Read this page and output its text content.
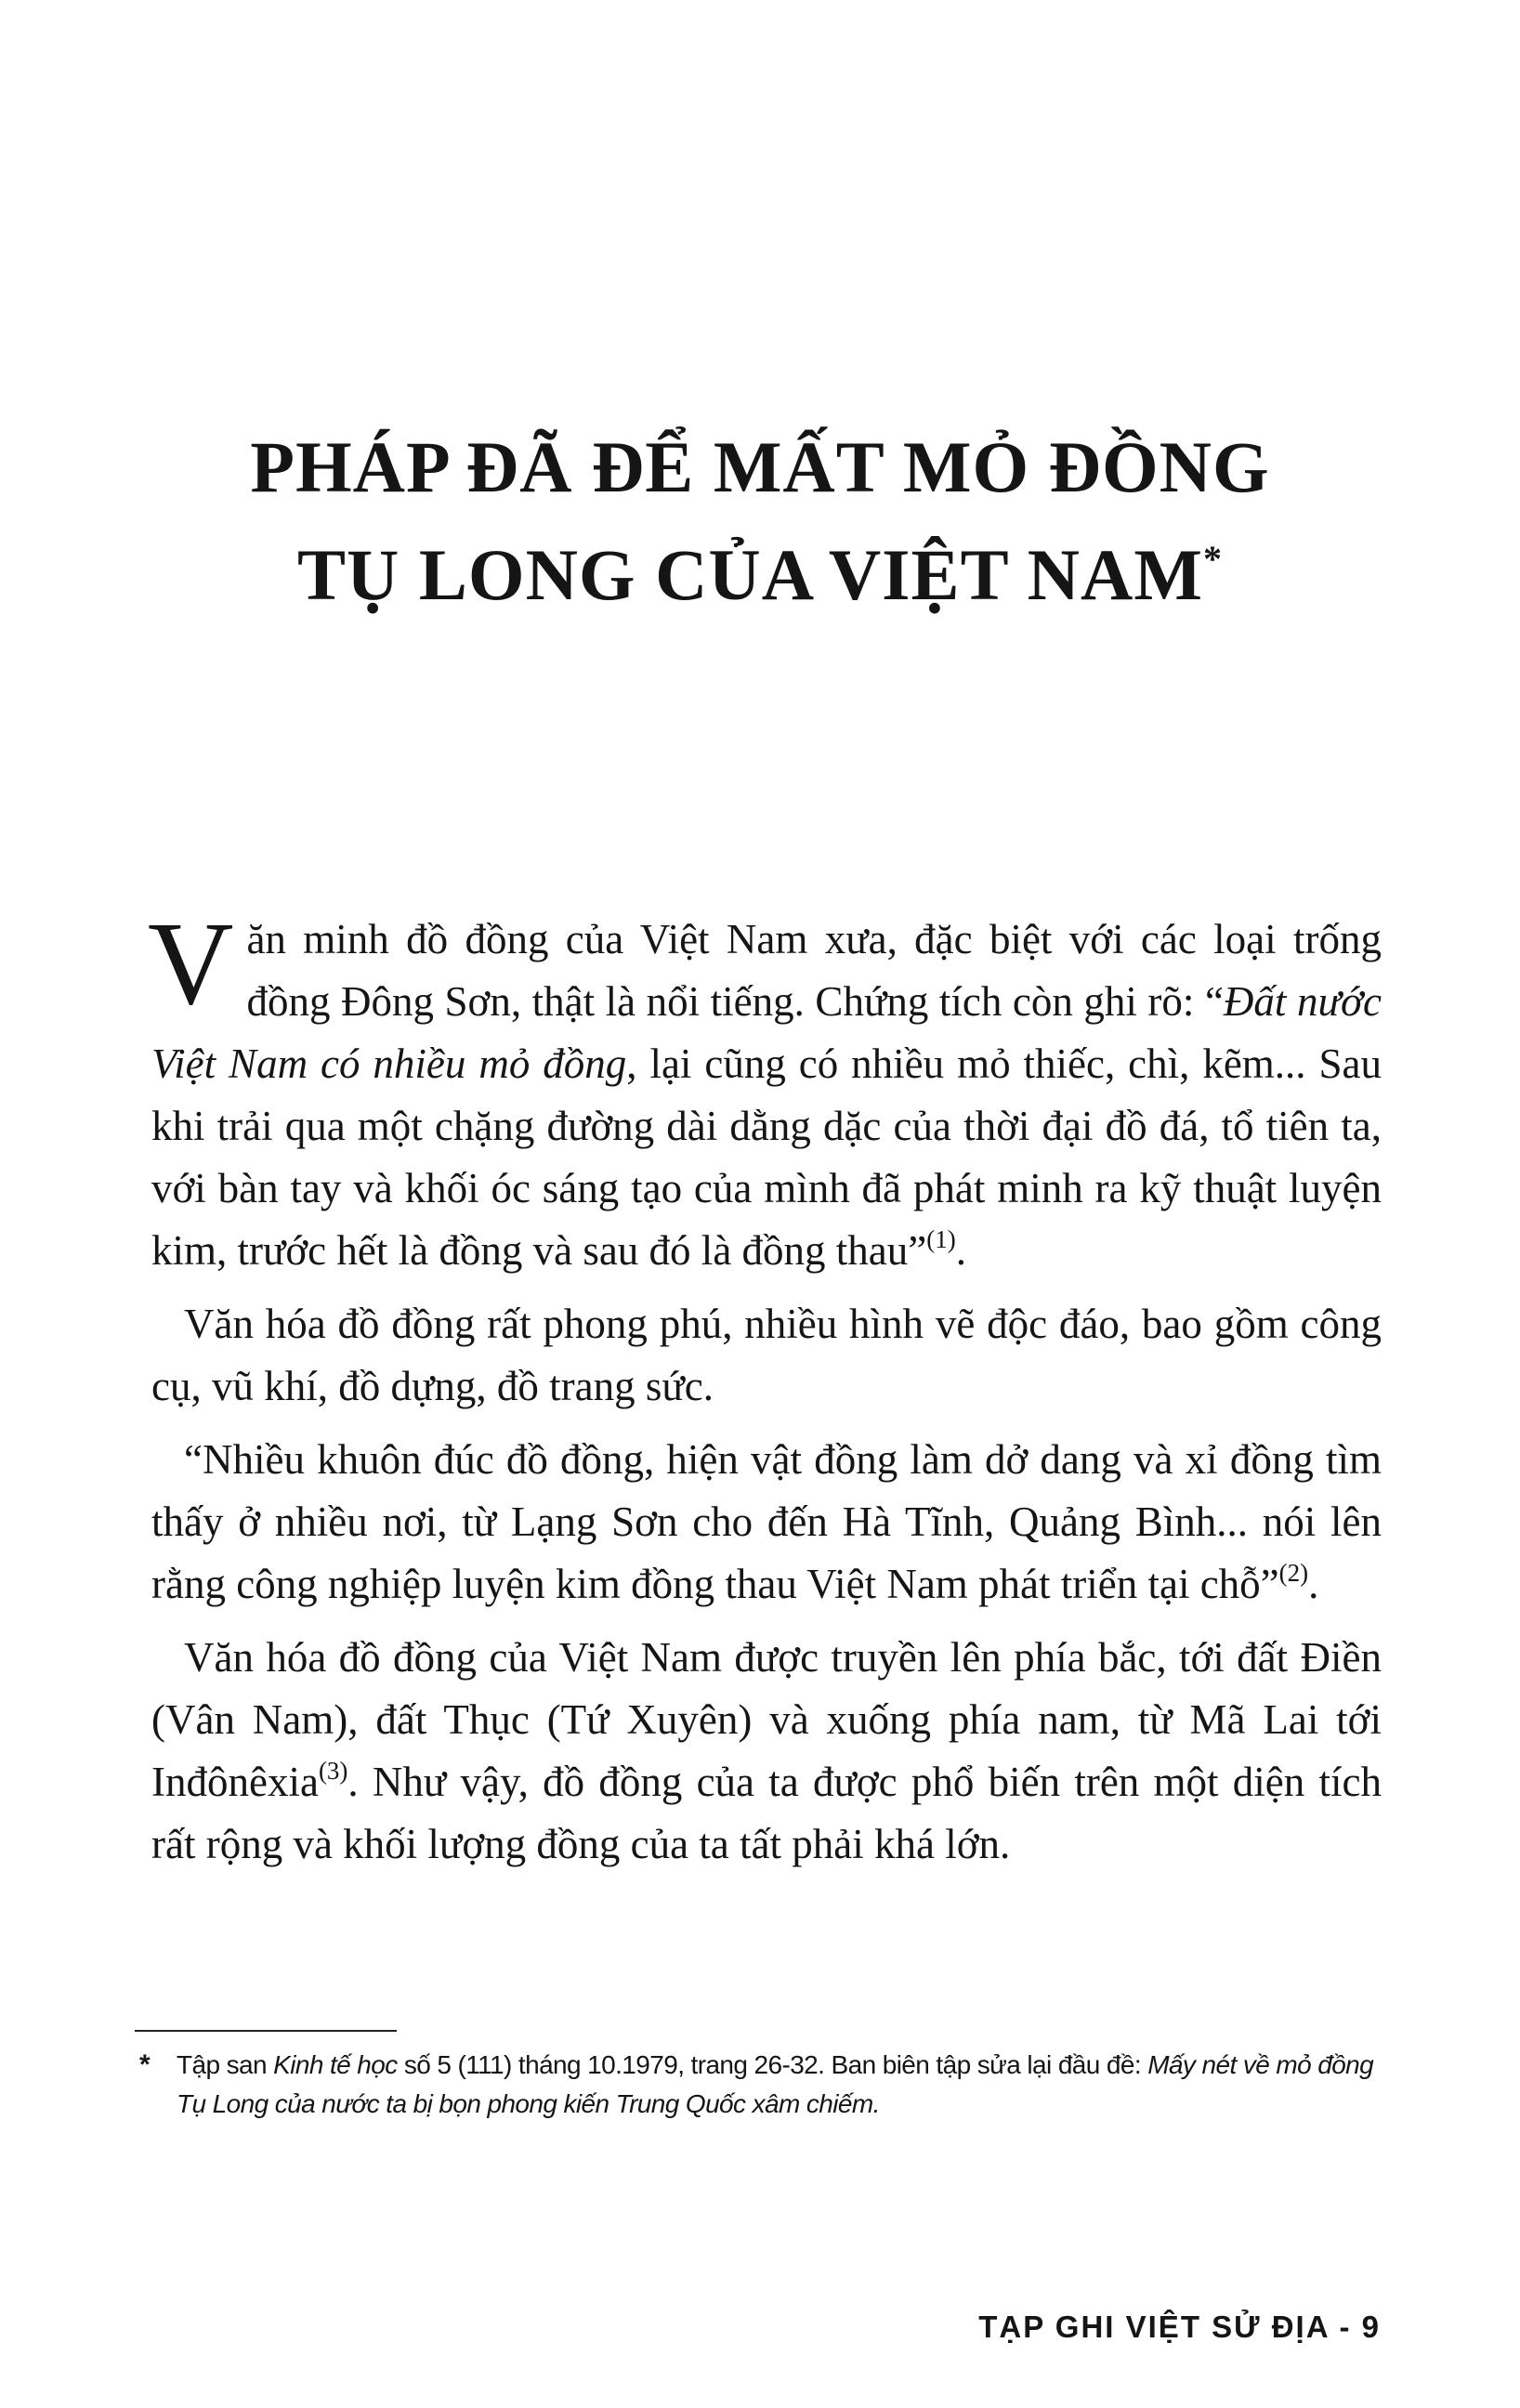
PHÁP ĐÃ ĐỂ MẤT MỎ ĐỒNG
TỤ LONG CỦA VIỆT NAM*

Văn minh đồ đồng của Việt Nam xưa, đặc biệt với các loại trống đồng Đông Sơn, thật là nổi tiếng. Chứng tích còn ghi rõ: “Đất nước Việt Nam có nhiều mỏ đồng, lại cũng có nhiều mỏ thiếc, chì, kẽm... Sau khi trải qua một chặng đường dài dằng dặc của thời đại đồ đá, tổ tiên ta, với bàn tay và khối óc sáng tạo của mình đã phát minh ra kỹ thuật luyện kim, trước hết là đồng và sau đó là đồng thau”$^{(1)}$.

Văn hóa đồ đồng rất phong phú, nhiều hình vẽ độc đáo, bao gồm công cụ, vũ khí, đồ dựng, đồ trang sức.

“Nhiều khuôn đúc đồ đồng, hiện vật đồng làm dở dang và xỉ đồng tìm thấy ở nhiều nơi, từ Lạng Sơn cho đến Hà Tĩnh, Quảng Bình... nói lên rằng công nghiệp luyện kim đồng thau Việt Nam phát triển tại chỗ”$^{(2)}$.

Văn hóa đồ đồng của Việt Nam được truyền lên phía bắc, tới đất Điền (Vân Nam), đất Thục (Tứ Xuyên) và xuống phía nam, từ Mã Lai tới Inđônêxia$^{(3)}$. Như vậy, đồ đồng của ta được phổ biến trên một diện tích rất rộng và khối lượng đồng của ta tất phải khá lớn.

* Tập san Kinh tế học số 5 (111) tháng 10.1979, trang 26-32. Ban biên tập sửa lại đầu đề: Mấy nét về mỏ đồng Tụ Long của nước ta bị bọn phong kiến Trung Quốc xâm chiếm.
TẠP GHI VIỆT SỬ ĐỊA - 9
